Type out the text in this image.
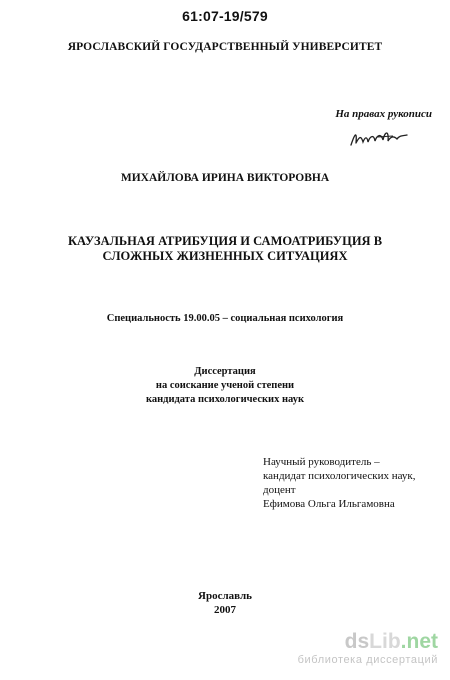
61:07-19/579
ЯРОСЛАВСКИЙ ГОСУДАРСТВЕННЫЙ УНИВЕРСИТЕТ
На правах рукописи
МИХАЙЛОВА ИРИНА ВИКТОРОВНА
КАУЗАЛЬНАЯ АТРИБУЦИЯ И САМОАТРИБУЦИЯ В
СЛОЖНЫХ ЖИЗНЕННЫХ СИТУАЦИЯХ
Специальность 19.00.05 – социальная психология
Диссертация
на соискание ученой степени
кандидата психологических наук
Научный руководитель –
кандидат психологических наук,
доцент
Ефимова Ольга Ильгамовна
Ярославль
2007
dsLib.net
библиотека диссертаций
